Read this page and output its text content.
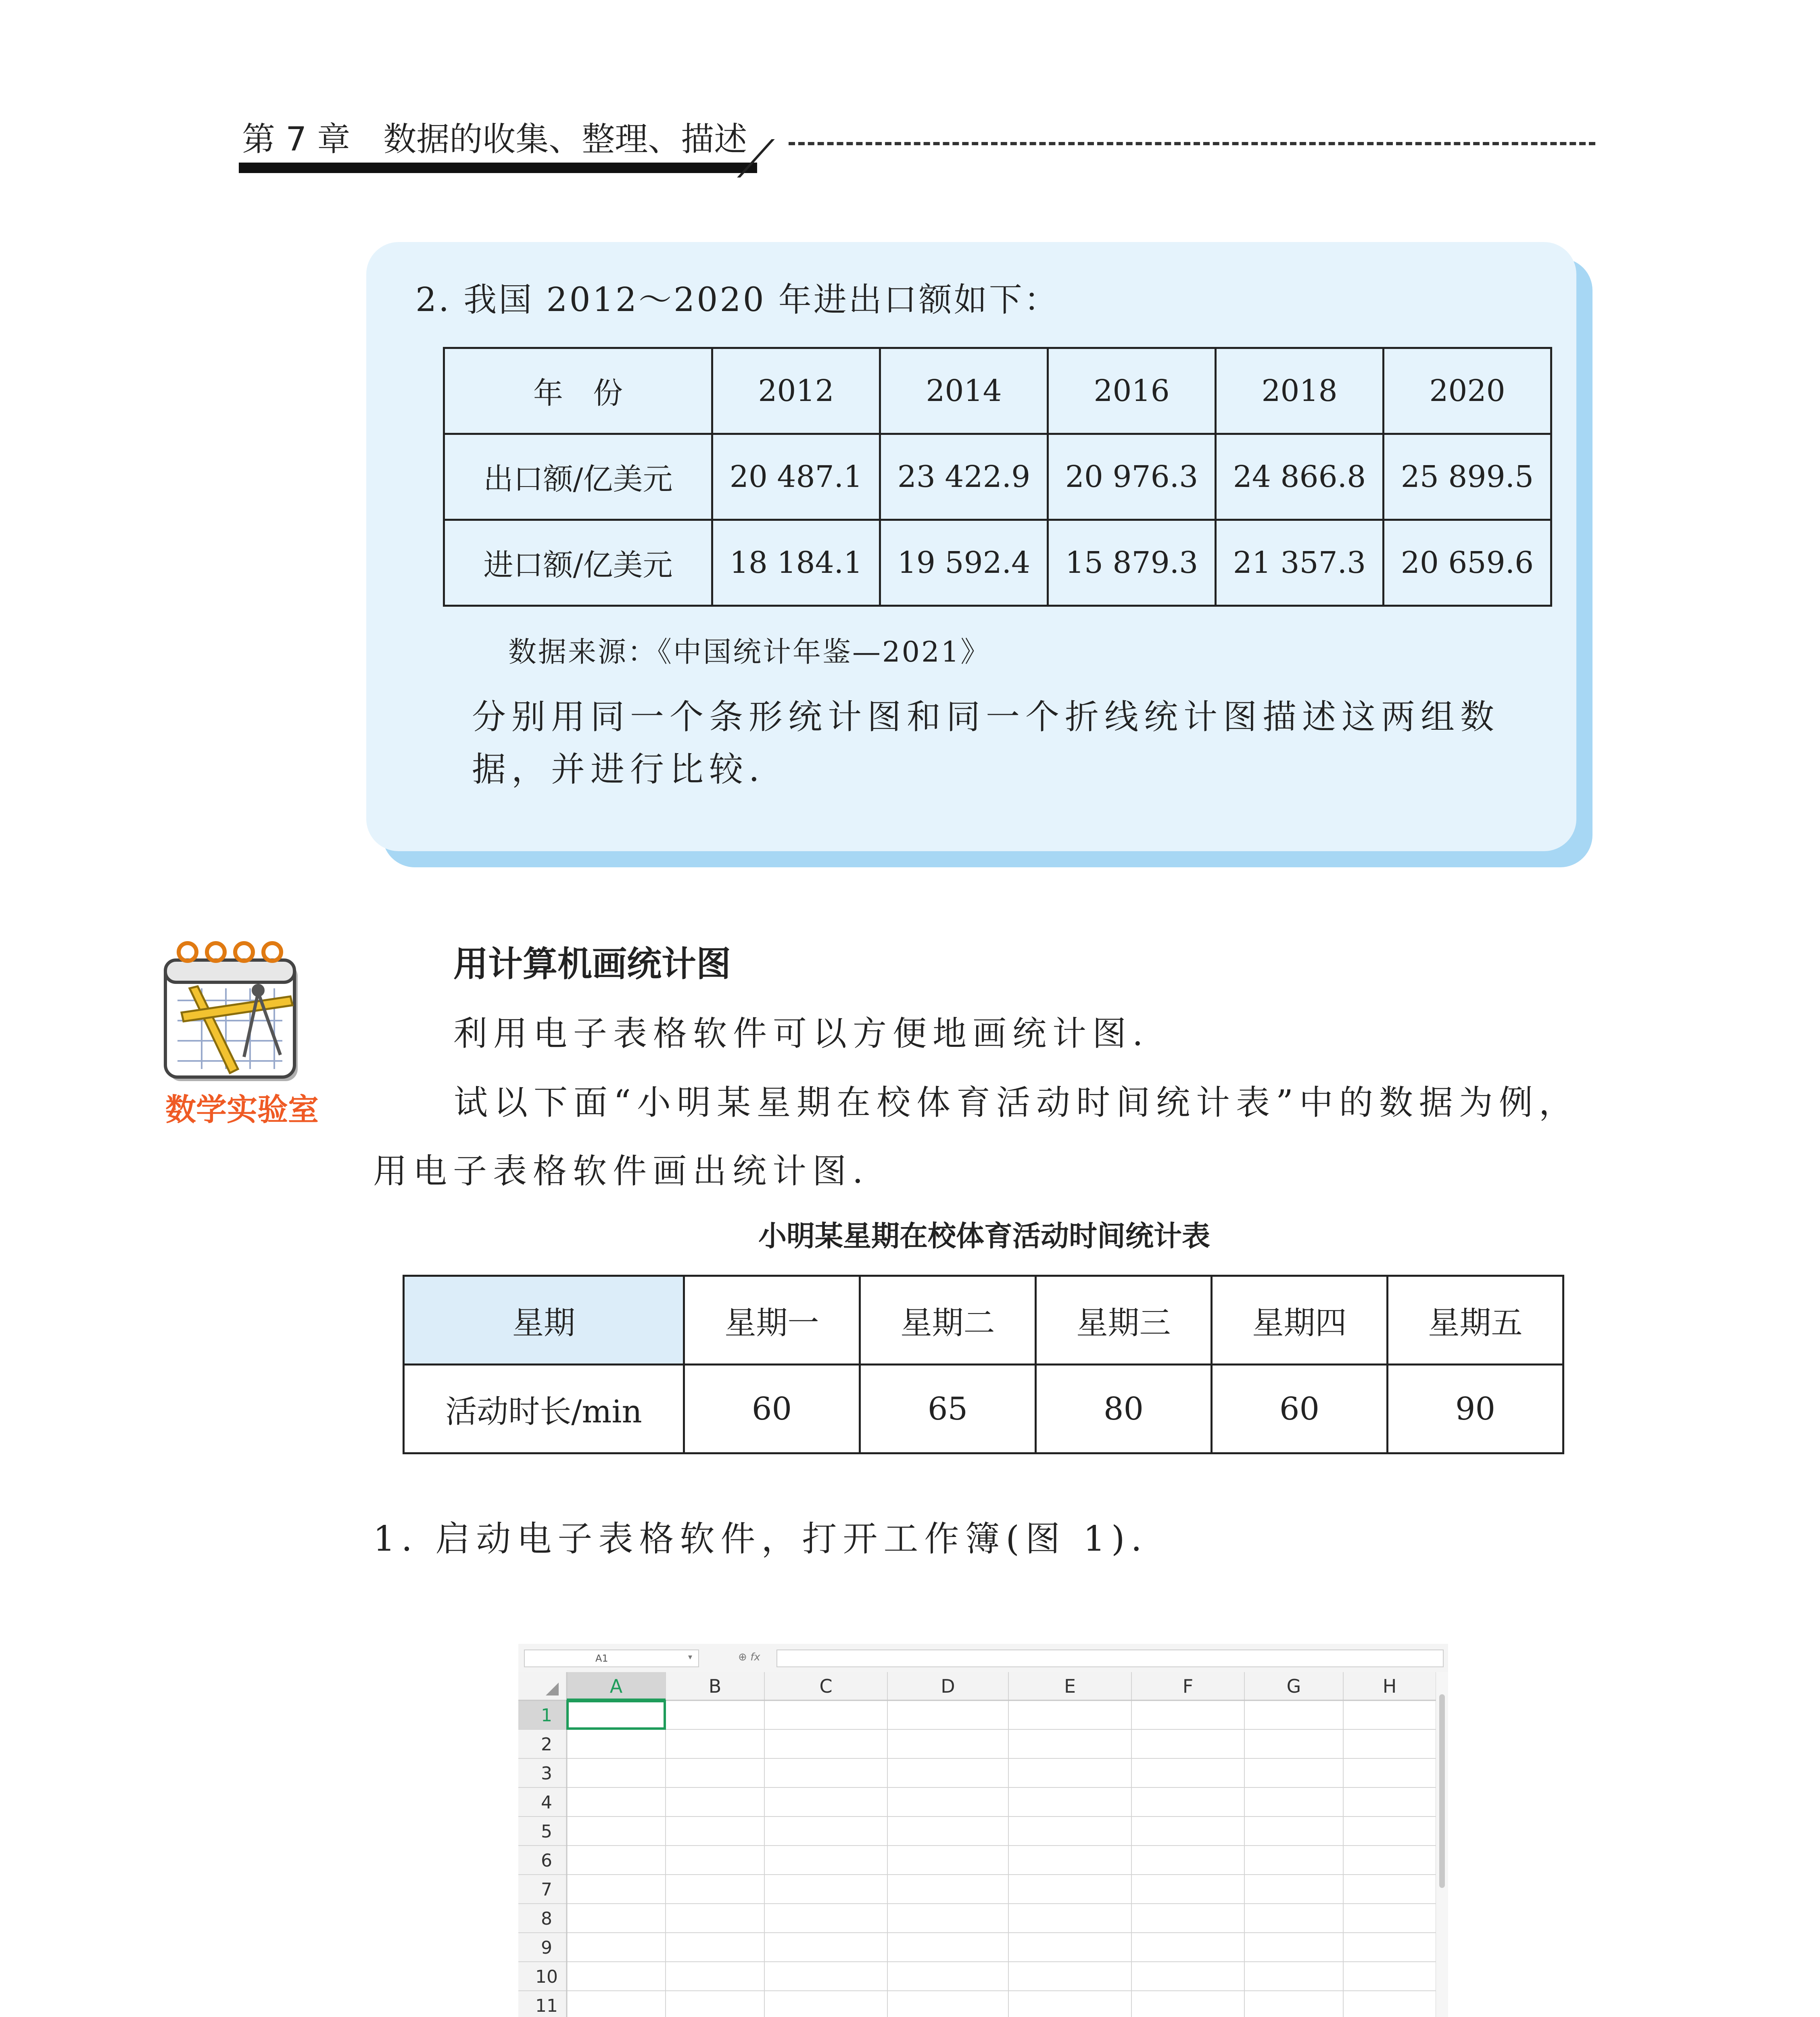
第 7 章　数据的收集、整理、描述
2. 我国 2012～2020 年进出口额如下：
年　份	2012	2014	2016	2018	2020
出口额/亿美元	20 487.1	23 422.9	20 976.3	24 866.8	25 899.5
进口额/亿美元	18 184.1	19 592.4	15 879.3	21 357.3	20 659.6
数据来源：《中国统计年鉴—2021》
分别用同一个条形统计图和同一个折线统计图描述这两组数据，并进行比较.
数学实验室
用计算机画统计图
利用电子表格软件可以方便地画统计图.
试以下面“小明某星期在校体育活动时间统计表”中的数据为例，用电子表格软件画出统计图.
小明某星期在校体育活动时间统计表
星期	星期一	星期二	星期三	星期四	星期五
活动时长/min	60	65	80	60	90
1. 启动电子表格软件，打开工作簿(图 1).
A1	▾	⊕ fx
A	B	C	D	E	F	G	H
1
2
3
4
5
6
7
8
9
10
11
